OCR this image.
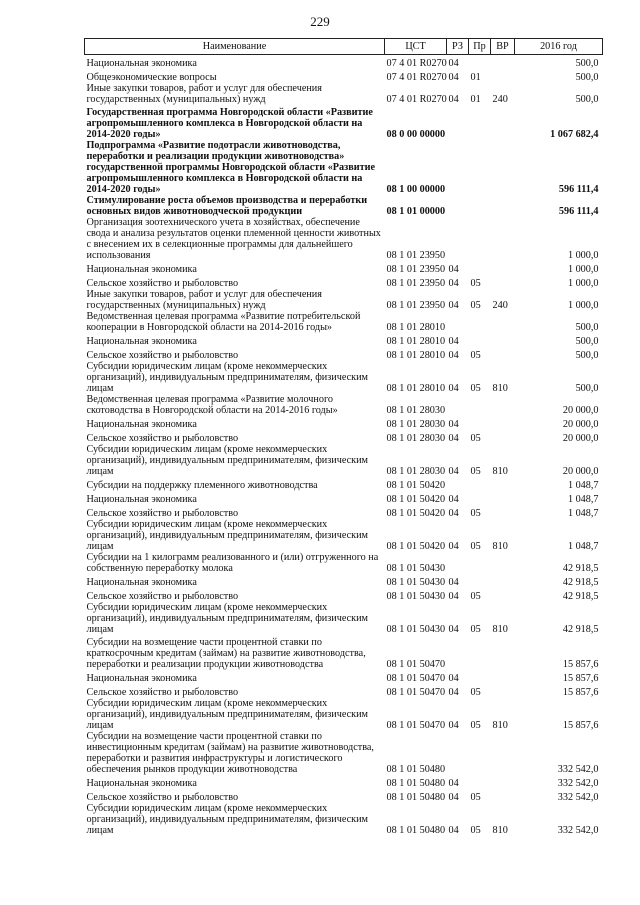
229
Наименование	ЦСТ	РЗ	Пр	ВР	2016 год
Национальная экономика	07 4 01 R0270	04			500,0
Общеэкономические вопросы	07 4 01 R0270	04	01		500,0
Иные закупки товаров, работ и услуг для обеспечения государственных (муниципальных) нужд	07 4 01 R0270	04	01	240	500,0
Государственная программа Новгородской области «Развитие агропромышленного комплекса в Новгородской области на 2014-2020 годы»	08 0 00 00000				1 067 682,4
Подпрограмма «Развитие подотрасли животноводства, переработки и реализации продукции животноводства» государственной программы Новгородской области «Развитие агропромышленного комплекса в Новгородской области на 2014-2020 годы»	08 1 00 00000				596 111,4
Стимулирование роста объемов производства и переработки основных видов животноводческой продукции	08 1 01 00000				596 111,4
Организация зоотехнического учета в хозяйствах, обеспечение свода и анализа результатов оценки племенной ценности животных с внесением их в селекционные программы для дальнейшего использования	08 1 01 23950				1 000,0
Национальная экономика	08 1 01 23950	04			1 000,0
Сельское хозяйство и рыболовство	08 1 01 23950	04	05		1 000,0
Иные закупки товаров, работ и услуг для обеспечения государственных (муниципальных) нужд	08 1 01 23950	04	05	240	1 000,0
Ведомственная целевая программа «Развитие потребительской кооперации в Новгородской области на 2014-2016 годы»	08 1 01 28010				500,0
Национальная экономика	08 1 01 28010	04			500,0
Сельское хозяйство и рыболовство	08 1 01 28010	04	05		500,0
Субсидии юридическим лицам (кроме некоммерческих организаций), индивидуальным предпринимателям, физическим лицам	08 1 01 28010	04	05	810	500,0
Ведомственная целевая программа «Развитие молочного скотоводства в Новгородской области на 2014-2016 годы»	08 1 01 28030				20 000,0
Национальная экономика	08 1 01 28030	04			20 000,0
Сельское хозяйство и рыболовство	08 1 01 28030	04	05		20 000,0
Субсидии юридическим лицам (кроме некоммерческих организаций), индивидуальным предпринимателям, физическим лицам	08 1 01 28030	04	05	810	20 000,0
Субсидии на поддержку племенного животноводства	08 1 01 50420				1 048,7
Национальная экономика	08 1 01 50420	04			1 048,7
Сельское хозяйство и рыболовство	08 1 01 50420	04	05		1 048,7
Субсидии юридическим лицам (кроме некоммерческих организаций), индивидуальным предпринимателям, физическим лицам	08 1 01 50420	04	05	810	1 048,7
Субсидии на 1 килограмм реализованного и (или) отгруженного на собственную переработку молока	08 1 01 50430				42 918,5
Национальная экономика	08 1 01 50430	04			42 918,5
Сельское хозяйство и рыболовство	08 1 01 50430	04	05		42 918,5
Субсидии юридическим лицам (кроме некоммерческих организаций), индивидуальным предпринимателям, физическим лицам	08 1 01 50430	04	05	810	42 918,5
Субсидии на возмещение части процентной ставки по краткосрочным кредитам (займам) на развитие животноводства, переработки и реализации продукции животноводства	08 1 01 50470				15 857,6
Национальная экономика	08 1 01 50470	04			15 857,6
Сельское хозяйство и рыболовство	08 1 01 50470	04	05		15 857,6
Субсидии юридическим лицам (кроме некоммерческих организаций), индивидуальным предпринимателям, физическим лицам	08 1 01 50470	04	05	810	15 857,6
Субсидии на возмещение части процентной ставки по инвестиционным кредитам (займам) на развитие животноводства, переработки и развития инфраструктуры и логистического обеспечения рынков продукции животноводства	08 1 01 50480				332 542,0
Национальная экономика	08 1 01 50480	04			332 542,0
Сельское хозяйство и рыболовство	08 1 01 50480	04	05		332 542,0
Субсидии юридическим лицам (кроме некоммерческих организаций), индивидуальным предпринимателям, физическим лицам	08 1 01 50480	04	05	810	332 542,0
